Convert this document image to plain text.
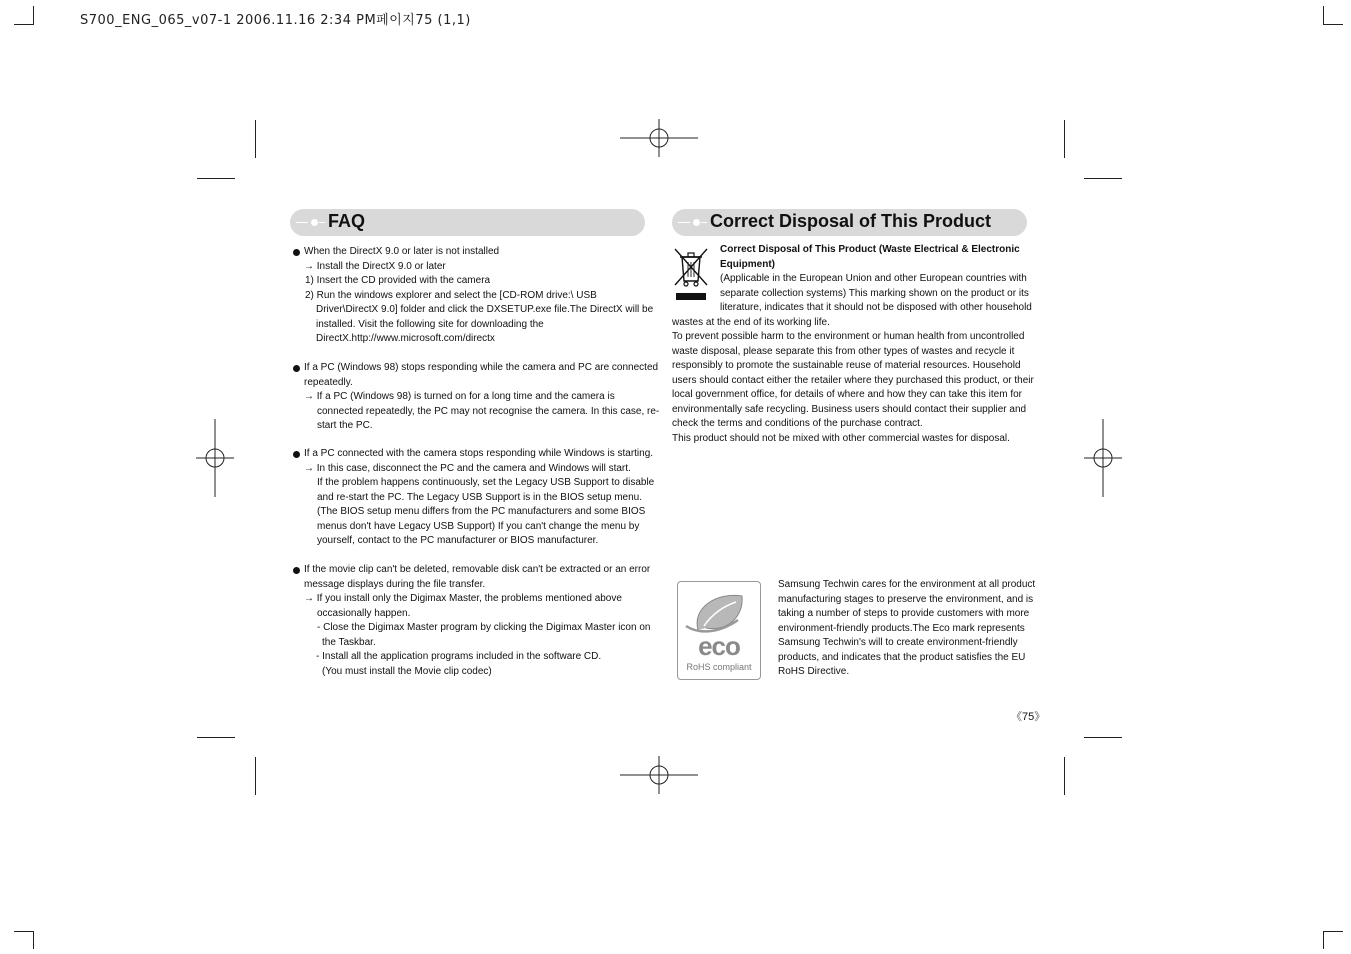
S700_ENG_065_v07-1 2006.11.16 2:34 PM페이지75 (1,1)
FAQ
When the DirectX 9.0 or later is not installed
→ Install the DirectX 9.0 or later
1) Insert the CD provided with the camera
2) Run the windows explorer and select the [CD-ROM drive:\ USB
Driver\DirectX 9.0] folder and click the DXSETUP.exe file.The DirectX will be
installed. Visit the following site for downloading the
DirectX.http://www.microsoft.com/directx
If a PC (Windows 98) stops responding while the camera and PC are connected
repeatedly.
→ If a PC (Windows 98) is turned on for a long time and the camera is
connected repeatedly, the PC may not recognise the camera. In this case, re-
start the PC.
If a PC connected with the camera stops responding while Windows is starting.
→ In this case, disconnect the PC and the camera and Windows will start.
If the problem happens continuously, set the Legacy USB Support to disable
and re-start the PC. The Legacy USB Support is in the BIOS setup menu.
(The BIOS setup menu differs from the PC manufacturers and some BIOS
menus don't have Legacy USB Support) If you can't change the menu by
yourself, contact to the PC manufacturer or BIOS manufacturer.
If the movie clip can't be deleted, removable disk can't be extracted or an error
message displays during the file transfer.
→ If you install only the Digimax Master, the problems mentioned above
occasionally happen.
- Close the Digimax Master program by clicking the Digimax Master icon on
the Taskbar.
- Install all the application programs included in the software CD.
(You must install the Movie clip codec)
Correct Disposal of This Product
Correct Disposal of This Product (Waste Electrical & Electronic
Equipment)
(Applicable in the European Union and other European countries with
separate collection systems) This marking shown on the product or its
literature, indicates that it should not be disposed with other household
wastes at the end of its working life.
To prevent possible harm to the environment or human health from uncontrolled
waste disposal, please separate this from other types of wastes and recycle it
responsibly to promote the sustainable reuse of material resources. Household
users should contact either the retailer where they purchased this product, or their
local government office, for details of where and how they can take this item for
environmentally safe recycling. Business users should contact their supplier and
check the terms and conditions of the purchase contract.
This product should not be mixed with other commercial wastes for disposal.
eco
RoHS compliant
Samsung Techwin cares for the environment at all product
manufacturing stages to preserve the environment, and is
taking a number of steps to provide customers with more
environment-friendly products.The Eco mark represents
Samsung Techwin's will to create environment-friendly
products, and indicates that the product satisfies the EU
RoHS Directive.
《75》
